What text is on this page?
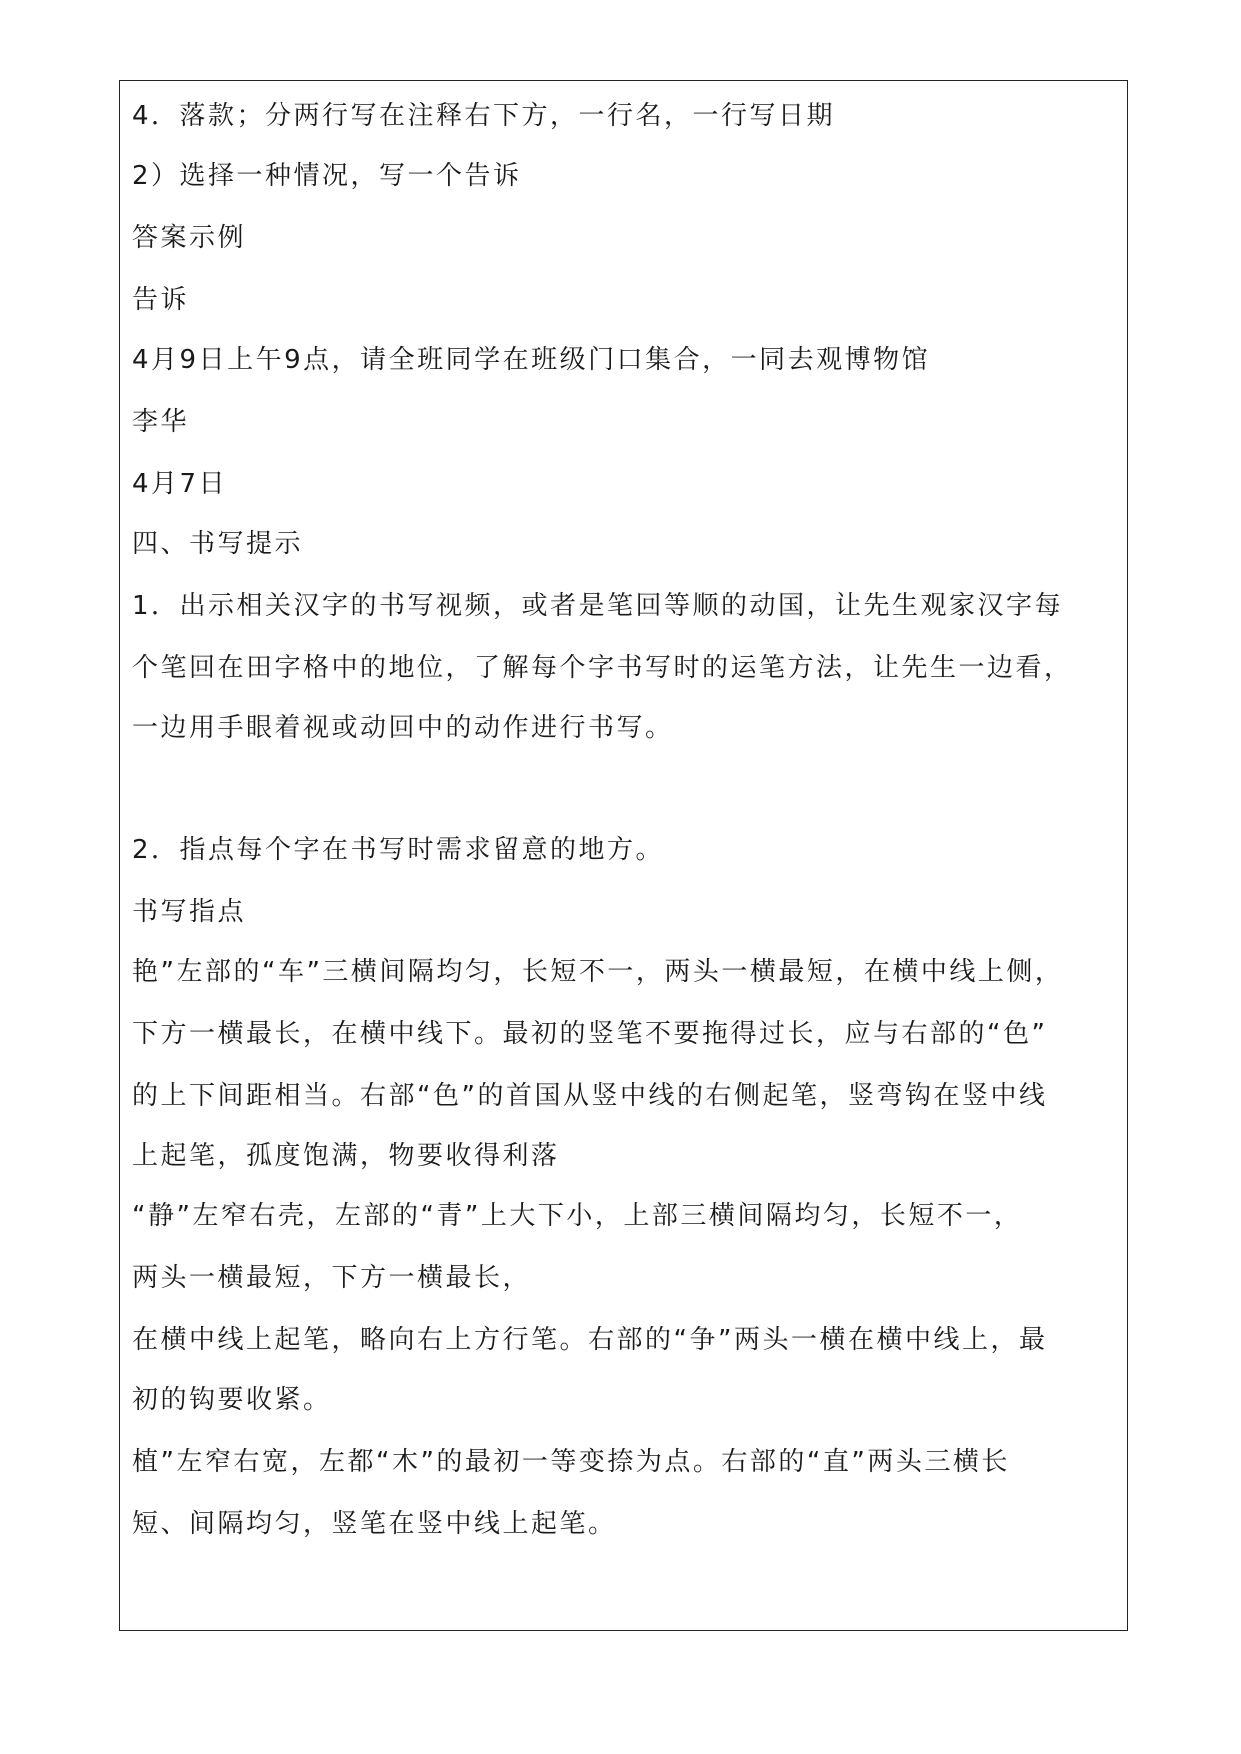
4．落款；分两行写在注释右下方，一行名，一行写日期
2）选择一种情况，写一个告诉
答案示例
告诉
4月9日上午9点，请全班同学在班级门口集合，一同去观博物馆
李华
4月7日
四、书写提示
1．出示相关汉字的书写视频，或者是笔回等顺的动国，让先生观家汉字每
个笔回在田字格中的地位，了解每个字书写时的运笔方法，让先生一边看，
一边用手眼着视或动回中的动作进行书写。
2．指点每个字在书写时需求留意的地方。
书写指点
艳”左部的“车”三横间隔均匀，长短不一，两头一横最短，在横中线上侧，
下方一横最长，在横中线下。最初的竖笔不要拖得过长，应与右部的“色”
的上下间距相当。右部“色”的首国从竖中线的右侧起笔，竖弯钩在竖中线
上起笔，孤度饱满，物要收得利落
“静”左窄右壳，左部的“青”上大下小，上部三横间隔均匀，长短不一，
两头一横最短，下方一横最长，
在横中线上起笔，略向右上方行笔。右部的“争”两头一横在横中线上，最
初的钩要收紧。
植”左窄右宽，左都“木”的最初一等变捺为点。右部的“直”两头三横长
短、间隔均匀，竖笔在竖中线上起笔。
